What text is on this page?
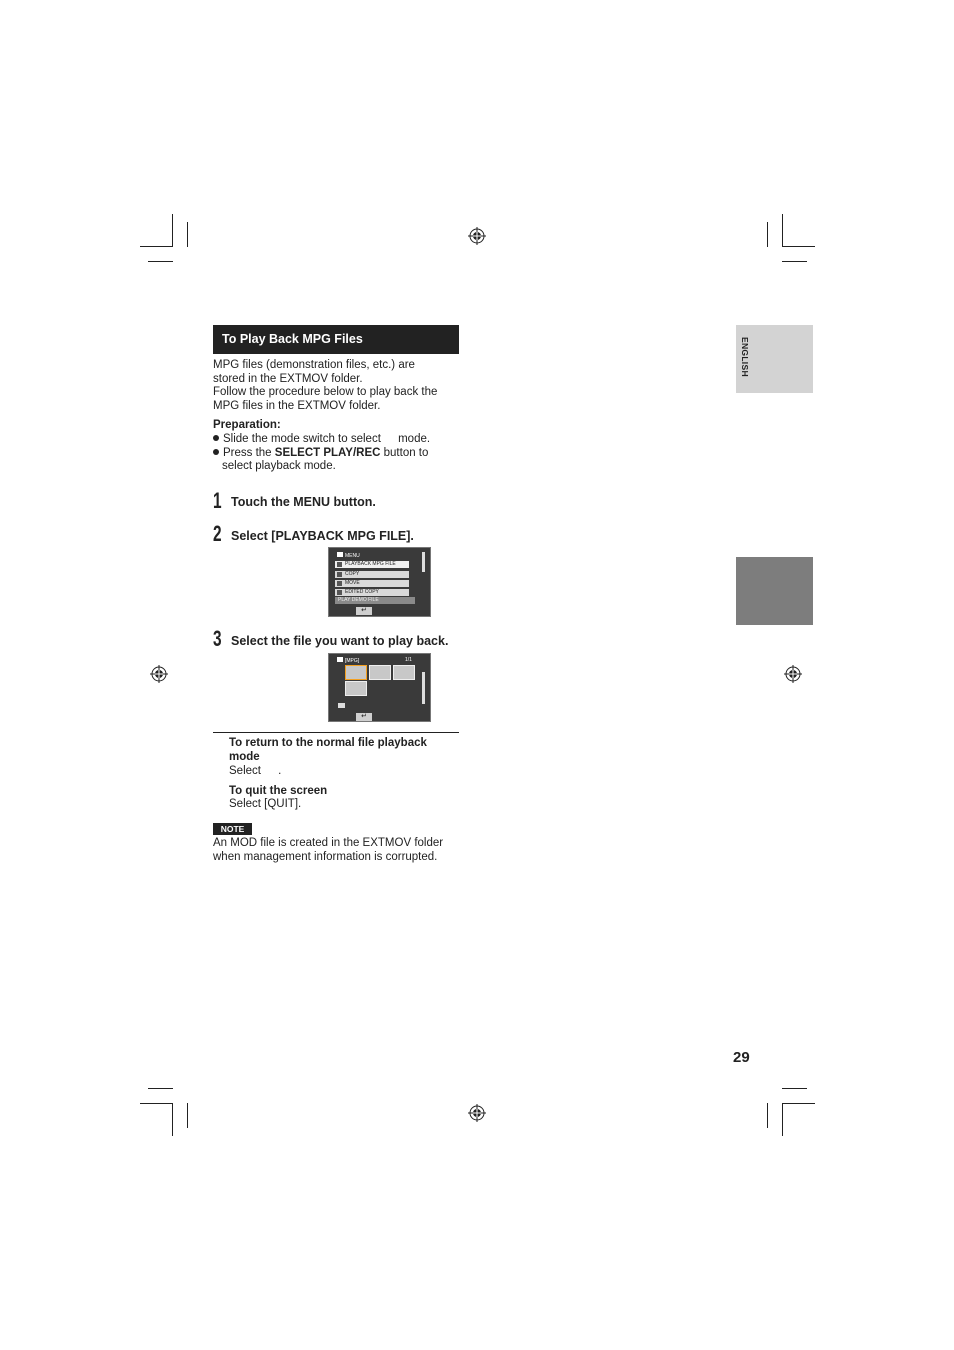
ENGLISH
To Play Back MPG Files
MPG files (demonstration files, etc.) are
stored in the EXTMOV folder.
Follow the procedure below to play back the
MPG files in the EXTMOV folder.
Preparation:
Slide the mode switch to select mode.
Press the SELECT PLAY/REC button to
select playback mode.
1 Touch the MENU button.
2 Select [PLAYBACK MPG FILE].
MENU
PLAYBACK MPG FILE
COPY
MOVE
EDITED COPY
PLAY DEMO FILE
↵
3 Select the file you want to play back.
[MPG]	1/1
↵
To return to the normal file playback
mode
Select .
To quit the screen
Select [QUIT].
NOTE
An MOD file is created in the EXTMOV folder
when management information is corrupted.
29
